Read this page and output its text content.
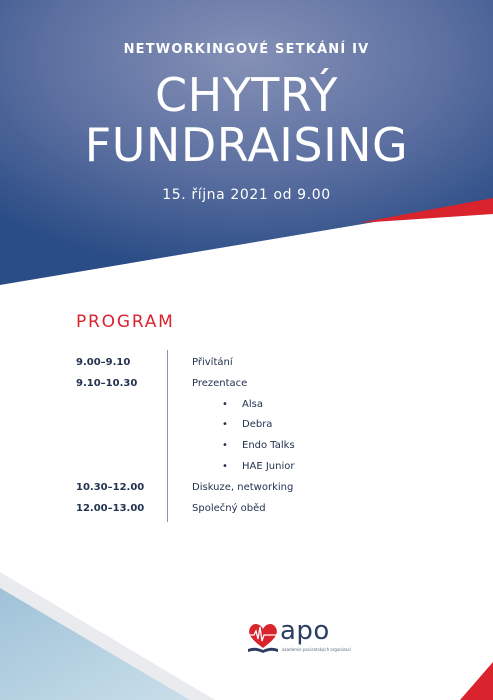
NETWORKINGOVÉ SETKÁNÍ IV
CHYTRÝ
FUNDRAISING
15. října 2021 od 9.00
PROGRAM
9.00–9.10	Přivítání
9.10–10.30	Prezentace
• Alsa
• Debra
• Endo Talks
• HAE Junior
10.30–12.00	Diskuze, networking
12.00–13.00	Společný oběd
apo
akademie pacientských organizací
